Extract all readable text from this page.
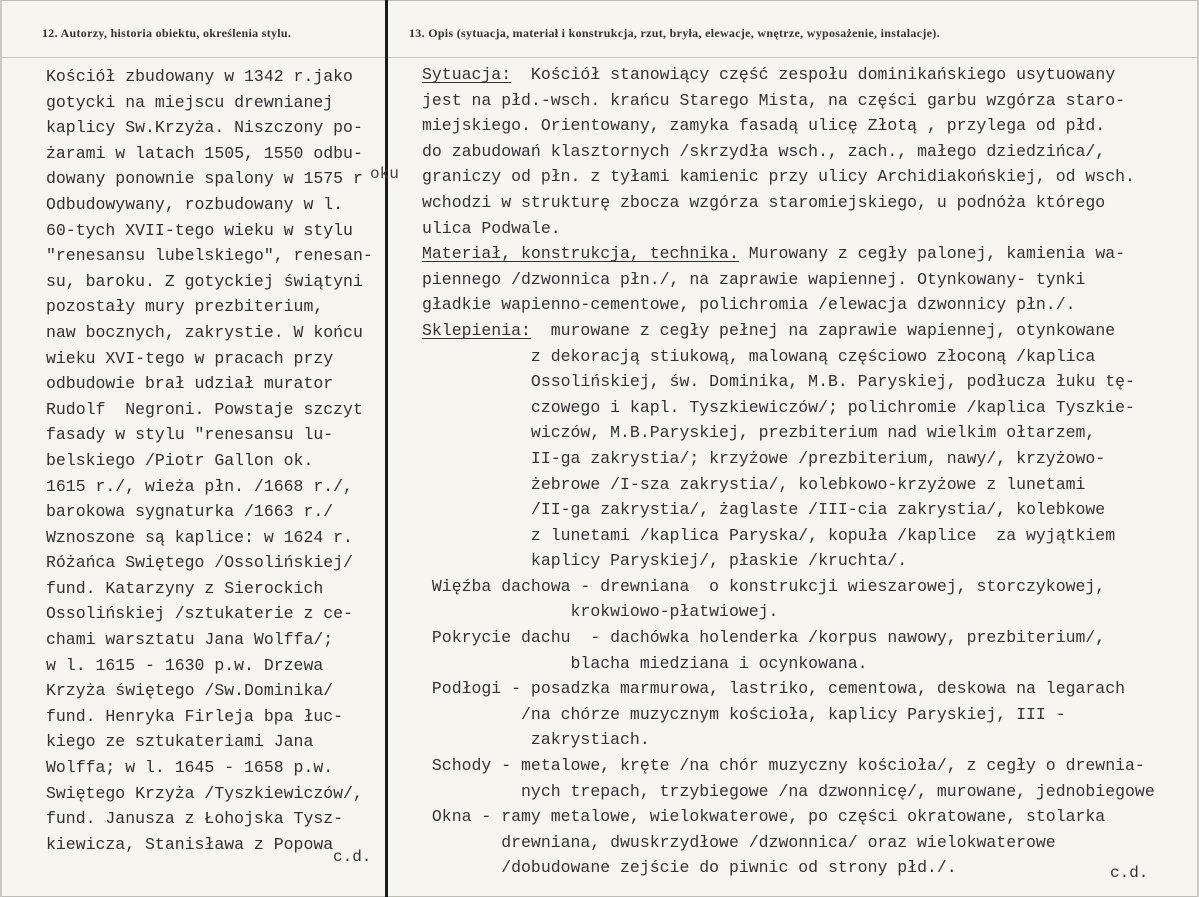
12. Autorzy, historia obiektu, określenia stylu.	13. Opis (sytuacja, materiał i konstrukcja, rzut, bryła, elewacje, wnętrze, wyposażenie, instalacje).
Kościół zbudowany w 1342 r.jako
gotycki na miejscu drewnianej
kaplicy Sw.Krzyża. Niszczony po-
żarami w latach 1505, 1550 odbu-
dowany ponownie spalony w 1575 r
Odbudowywany, rozbudowany w l.
60-tych XVII-tego wieku w stylu
"renesansu lubelskiego", renesan-
su, baroku. Z gotyckiej świątyni
pozostały mury prezbiterium,
naw bocznych, zakrystie. W końcu
wieku XVI-tego w pracach przy
odbudowie brał udział murator
Rudolf  Negroni. Powstaje szczyt
fasady w stylu "renesansu lu-
belskiego /Piotr Gallon ok.
1615 r./, wieża płn. /1668 r./,
barokowa sygnaturka /1663 r./
Wznoszone są kaplice: w 1624 r.
Różańca Swiętego /Ossolińskiej/
fund. Katarzyny z Sierockich
Ossolińskiej /sztukaterie z ce-
chami warsztatu Jana Wolffa/;
w l. 1615 - 1630 p.w. Drzewa
Krzyża świętego /Sw.Dominika/
fund. Henryka Firleja bpa łuc-
kiego ze sztukateriami Jana
Wolffa; w l. 1645 - 1658 p.w.
Swiętego Krzyża /Tyszkiewiczów/,
fund. Janusza z Łohojska Tysz-
kiewicza, Stanisława z Popowa
oku
c.d.
Sytuacja:  Kościół stanowiący część zespołu dominikańskiego usytuowany
jest na płd.-wsch. krańcu Starego Mista, na części garbu wzgórza staro-
miejskiego. Orientowany, zamyka fasadą ulicę Złotą , przylega od płd.
do zabudowań klasztornych /skrzydła wsch., zach., małego dziedzińca/,
graniczy od płn. z tyłami kamienic przy ulicy Archidiakońskiej, od wsch.
wchodzi w strukturę zbocza wzgórza staromiejskiego, u podnóża którego
ulica Podwale.
Materiał, konstrukcja, technika. Murowany z cegły palonej, kamienia wa-
piennego /dzwonnica płn./, na zaprawie wapiennej. Otynkowany- tynki
gładkie wapienno-cementowe, polichromia /elewacja dzwonnicy płn./.
Sklepienia:  murowane z cegły pełnej na zaprawie wapiennej, otynkowane
z dekoracją stiukową, malowaną częściowo złoconą /kaplica
Ossolińskiej, św. Dominika, M.B. Paryskiej, podłucza łuku tę-
czowego i kapl. Tyszkiewiczów/; polichromie /kaplica Tyszkie-
wiczów, M.B.Paryskiej, prezbiterium nad wielkim ołtarzem,
II-ga zakrystia/; krzyżowe /prezbiterium, nawy/, krzyżowo-
żebrowe /I-sza zakrystia/, kolebkowo-krzyżowe z lunetami
/II-ga zakrystia/, żaglaste /III-cia zakrystia/, kolebkowe
z lunetami /kaplica Paryska/, kopuła /kaplice  za wyjątkiem
kaplicy Paryskiej/, płaskie /kruchta/.
Więźba dachowa - drewniana  o konstrukcji wieszarowej, storczykowej,
krokwiowo-płatwiowej.
Pokrycie dachu  - dachówka holenderka /korpus nawowy, prezbiterium/,
blacha miedziana i ocynkowana.
Podłogi - posadzka marmurowa, lastriko, cementowa, deskowa na legarach
/na chórze muzycznym kościoła, kaplicy Paryskiej, III -
zakrystiach.
Schody - metalowe, kręte /na chór muzyczny kościoła/, z cegły o drewnia-
nych trepach, trzybiegowe /na dzwonnicę/, murowane, jednobiegowe
Okna - ramy metalowe, wielokwaterowe, po części okratowane, stolarka
drewniana, dwuskrzydłowe /dzwonnica/ oraz wielokwaterowe
/dobudowane zejście do piwnic od strony płd./.	c.d.
